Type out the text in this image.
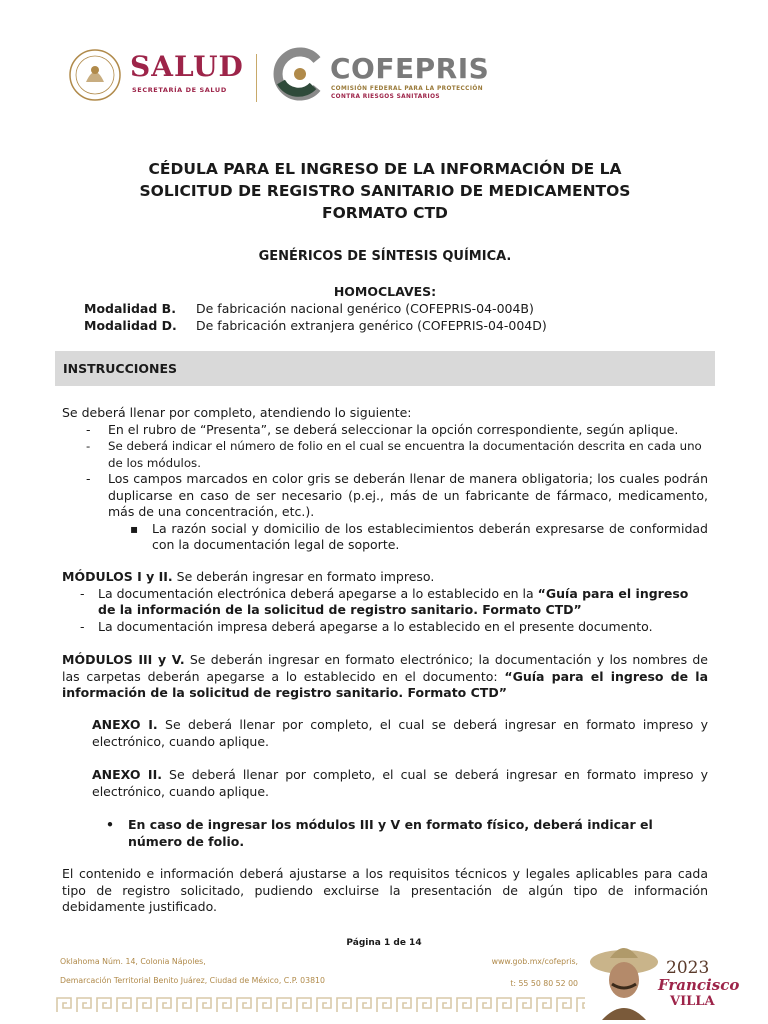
SALUD
SECRETARÍA DE SALUD
COFEPRIS
COMISIÓN FEDERAL PARA LA PROTECCIÓN
CONTRA RIESGOS SANITARIOS
CÉDULA PARA EL INGRESO DE LA INFORMACIÓN DE LA
SOLICITUD DE REGISTRO SANITARIO DE MEDICAMENTOS
FORMATO CTD
GENÉRICOS DE SÍNTESIS QUÍMICA.
HOMOCLAVES:
Modalidad B. De fabricación nacional genérico (COFEPRIS-04-004B)
Modalidad D. De fabricación extranjera genérico (COFEPRIS-04-004D)
INSTRUCCIONES
Se deberá llenar por completo, atendiendo lo siguiente:
- En el rubro de “Presenta”, se deberá seleccionar la opción correspondiente, según aplique.
- Se deberá indicar el número de folio en el cual se encuentra la documentación descrita en cada uno de los módulos.
- Los campos marcados en color gris se deberán llenar de manera obligatoria; los cuales podrán duplicarse en caso de ser necesario (p.ej., más de un fabricante de fármaco, medicamento, más de una concentración, etc.).
▪ La razón social y domicilio de los establecimientos deberán expresarse de conformidad con la documentación legal de soporte.
MÓDULOS I y II. Se deberán ingresar en formato impreso.
- La documentación electrónica deberá apegarse a lo establecido en la “Guía para el ingreso de la información de la solicitud de registro sanitario. Formato CTD”
- La documentación impresa deberá apegarse a lo establecido en el presente documento.
MÓDULOS III y V. Se deberán ingresar en formato electrónico; la documentación y los nombres de las carpetas deberán apegarse a lo establecido en el documento: “Guía para el ingreso de la información de la solicitud de registro sanitario. Formato CTD”
ANEXO I. Se deberá llenar por completo, el cual se deberá ingresar en formato impreso y electrónico, cuando aplique.
ANEXO II. Se deberá llenar por completo, el cual se deberá ingresar en formato impreso y electrónico, cuando aplique.
• En caso de ingresar los módulos III y V en formato físico, deberá indicar el número de folio.
El contenido e información deberá ajustarse a los requisitos técnicos y legales aplicables para cada tipo de registro solicitado, pudiendo excluirse la presentación de algún tipo de información debidamente justificado.
Página 1 de 14
Oklahoma Núm. 14, Colonia Nápoles,
Demarcación Territorial Benito Juárez, Ciudad de México, C.P. 03810
www.gob.mx/cofepris,
t: 55 50 80 52 00
2023
Francisco
VILLA
